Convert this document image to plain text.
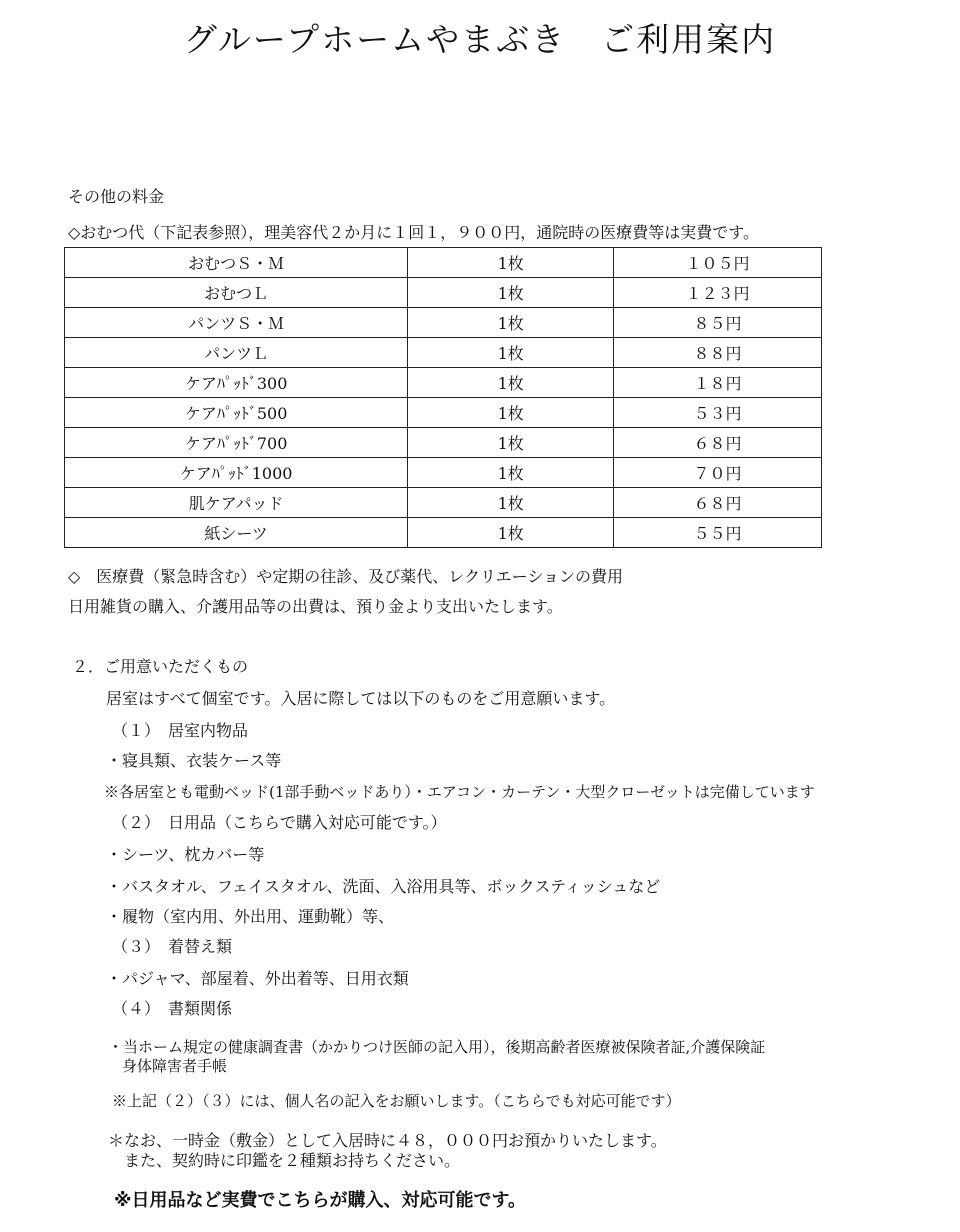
グループホームやまぶき　ご利用案内
その他の料金
◇おむつ代（下記表参照），理美容代２か月に１回１，９００円，通院時の医療費等は実費です。
おむつＳ・Ｍ	1枚	１０５円
おむつＬ	1枚	１２３円
パンツＳ・Ｍ	1枚	８５円
パンツＬ	1枚	８８円
ケアﾊﾟｯﾄﾞ300	1枚	１８円
ケアﾊﾟｯﾄﾞ500	1枚	５３円
ケアﾊﾟｯﾄﾞ700	1枚	６８円
ケアﾊﾟｯﾄﾞ1000	1枚	７０円
肌ケアパッド	1枚	６８円
紙シーツ	1枚	５５円
◇　医療費（緊急時含む）や定期の往診、及び薬代、レクリエーションの費用
日用雑貨の購入、介護用品等の出費は、預り金より支出いたします。
２．ご用意いただくもの
居室はすべて個室です。入居に際しては以下のものをご用意願います。
（１）　居室内物品
・寝具類、衣装ケース等
※各居室とも電動ベッド(1部手動ベッドあり）・エアコン・カーテン・大型クローゼットは完備しています
（２）　日用品（こちらで購入対応可能です。）
・シーツ、枕カバー等
・バスタオル、フェイスタオル、洗面、入浴用具等、ボックスティッシュなど
・履物（室内用、外出用、運動靴）等、
（３）　着替え類
・パジャマ、部屋着、外出着等、日用衣類
（４）　書類関係
・当ホーム規定の健康調査書（かかりつけ医師の記入用），後期高齢者医療被保険者証,介護保険証
身体障害者手帳
※上記（２）（３）には、個人名の記入をお願いします。（こちらでも対応可能です）
＊なお、一時金（敷金）として入居時に４８，０００円お預かりいたします。
また、契約時に印鑑を２種類お持ちください。
※日用品など実費でこちらが購入、対応可能です。
